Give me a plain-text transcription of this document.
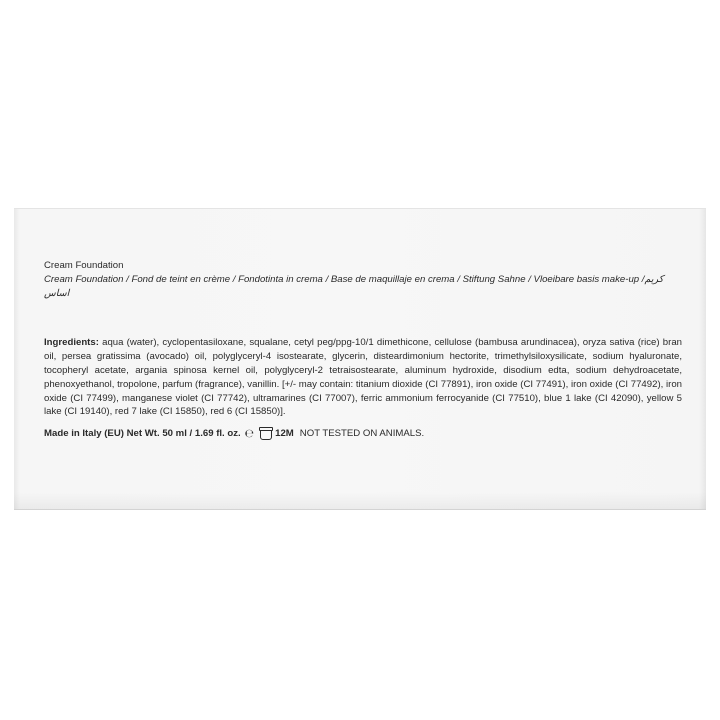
Cream Foundation

Cream Foundation / Fond de teint en crème / Fondotinta in crema / Base de maquillaje en crema / Stiftung Sahne / Vloeibare basis make-up /كريم اساس

Ingredients: aqua (water), cyclopentasiloxane, squalane, cetyl peg/ppg-10/1 dimethicone, cellulose (bambusa arundinacea), oryza sativa (rice) bran oil, persea gratissima (avocado) oil, polyglyceryl-4 isostearate, glycerin, disteardimonium hectorite, trimethylsiloxysilicate, sodium hyaluronate, tocopheryl acetate, argania spinosa kernel oil, polyglyceryl-2 tetraisostearate, aluminum hydroxide, disodium edta, sodium dehydroacetate, phenoxyethanol, tropolone, parfum (fragrance), vanillin. [+/- may contain: titanium dioxide (CI 77891), iron oxide (CI 77491), iron oxide (CI 77492), iron oxide (CI 77499), manganese violet (CI 77742), ultramarines (CI 77007), ferric ammonium ferrocyanide (CI 77510), blue 1 lake (CI 42090), yellow 5 lake (CI 19140), red 7 lake (CI 15850), red 6 (CI 15850)].

Made in Italy (EU) Net Wt. 50 ml / 1.69 fl. oz. ℮ 12M NOT TESTED ON ANIMALS.
